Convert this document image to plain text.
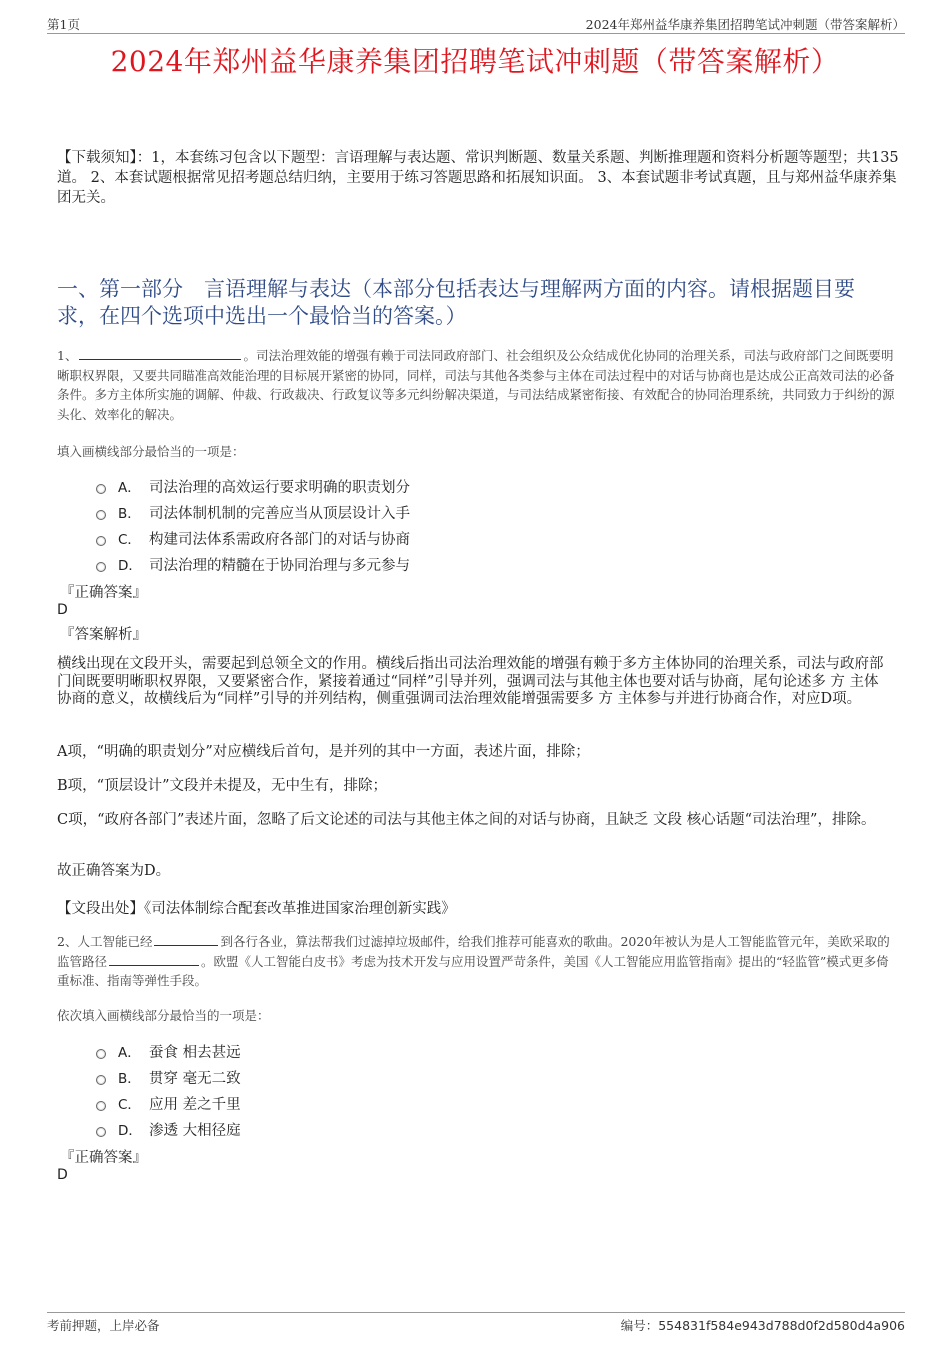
第1页	2024年郑州益华康养集团招聘笔试冲刺题（带答案解析）
2024年郑州益华康养集团招聘笔试冲刺题（带答案解析）
【下载须知】：1，本套练习包含以下题型：言语理解与表达题、常识判断题、数量关系题、判断推理题和资料分析题等题型；共135道。 2、本套试题根据常见招考题总结归纳，主要用于练习答题思路和拓展知识面。 3、本套试题非考试真题，且与郑州益华康养集团无关。
一、第一部分　言语理解与表达（本部分包括表达与理解两方面的内容。请根据题目要求，在四个选项中选出一个最恰当的答案。）
1、	。司法治理效能的增强有赖于司法同政府部门、社会组织及公众结成优化协同的治理关系，司法与政府部门之间既要明晰职权界限，又要共同瞄准高效能治理的目标展开紧密的协同，同样，司法与其他各类参与主体在司法过程中的对话与协商也是达成公正高效司法的必备条件。多方主体所实施的调解、仲裁、行政裁决、行政复议等多元纠纷解决渠道，与司法结成紧密衔接、有效配合的协同治理系统，共同致力于纠纷的源头化、效率化的解决。
填入画横线部分最恰当的一项是：
A． 司法治理的高效运行要求明确的职责划分
B． 司法体制机制的完善应当从顶层设计入手
C． 构建司法体系需政府各部门的对话与协商
D． 司法治理的精髓在于协同治理与多元参与
『正确答案』
D
『答案解析』
横线出现在文段开头，需要起到总领全文的作用。横线后指出司法治理效能的增强有赖于多方主体协同的治理关系，司法与政府部门间既要明晰职权界限，又要紧密合作，紧接着通过“同样”引导并列，强调司法与其他主体也要对话与协商，尾句论述多 方 主体协商的意义，故横线后为“同样”引导的并列结构，侧重强调司法治理效能增强需要多 方 主体参与并进行协商合作，对应D项。
A项，“明确的职责划分”对应横线后首句，是并列的其中一方面，表述片面，排除；
B项，“顶层设计”文段并未提及，无中生有，排除；
C项，“政府各部门”表述片面，忽略了后文论述的司法与其他主体之间的对话与协商，且缺乏 文段 核心话题“司法治理”，排除。
故正确答案为D。
【文段出处】《司法体制综合配套改革推进国家治理创新实践》
2、人工智能已经	到各行各业，算法帮我们过滤掉垃圾邮件，给我们推荐可能喜欢的歌曲。2020年被认为是人工智能监管元年，美欧采取的监管路径	。欧盟《人工智能白皮书》考虑为技术开发与应用设置严苛条件，美国《人工智能应用监管指南》提出的“轻监管”模式更多倚重标准、指南等弹性手段。
依次填入画横线部分最恰当的一项是：
A． 蚕食 相去甚远
B． 贯穿 毫无二致
C． 应用 差之千里
D． 渗透 大相径庭
『正确答案』
D
考前押题，上岸必备	编号：554831f584e943d788d0f2d580d4a906
